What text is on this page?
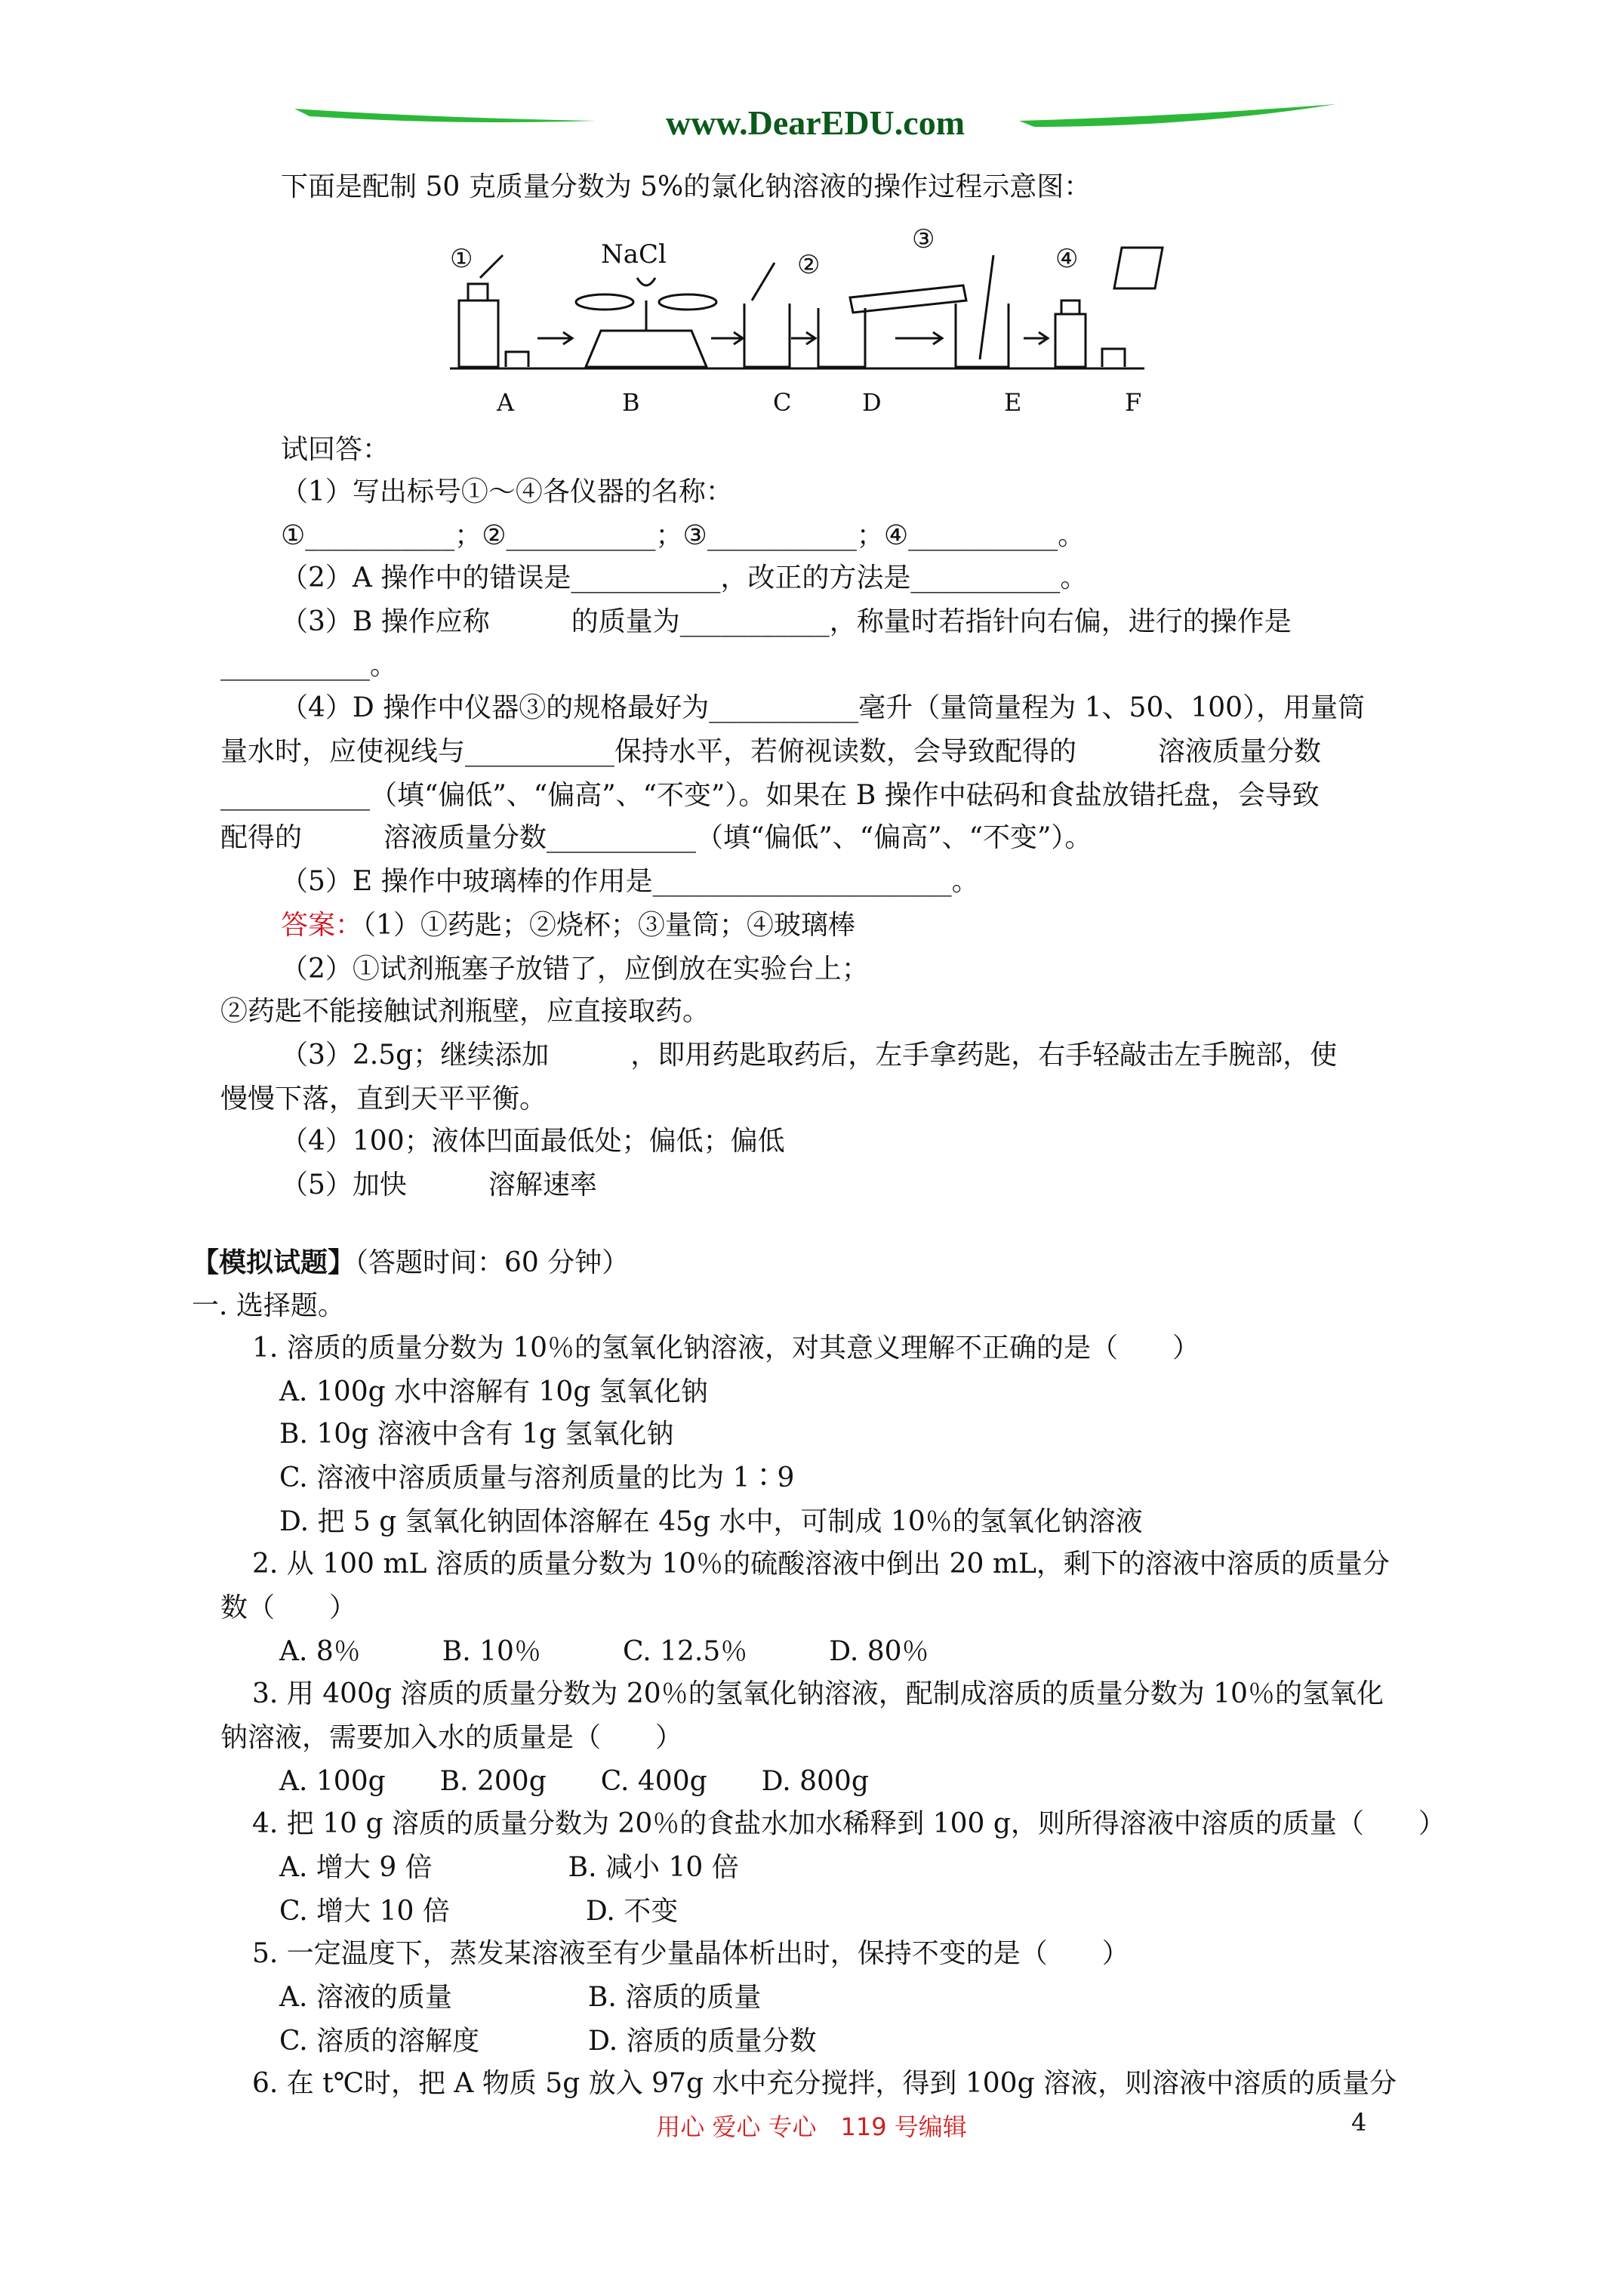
www.DearEDU.com
下面是配制 50 克质量分数为 5%的氯化钠溶液的操作过程示意图：
NaCl
①	②
③
④
A	B	C	D	E	F
试回答：
（1）写出标号①～④各仪器的名称：
①___________；②___________；③___________；④___________。
（2）A 操作中的错误是___________，改正的方法是___________。
（3）B 操作应称　　　的质量为___________，称量时若指针向右偏，进行的操作是
___________。
（4）D 操作中仪器③的规格最好为___________毫升（量筒量程为 1、50、100），用量筒
量水时，应使视线与___________保持水平，若俯视读数，会导致配得的　　　溶液质量分数
___________（填“偏低”、“偏高”、“不变”）。如果在 B 操作中砝码和食盐放错托盘，会导致
配得的　　　溶液质量分数___________（填“偏低”、“偏高”、“不变”）。
（5）E 操作中玻璃棒的作用是______________________。
答案：（1）①药匙；②烧杯；③量筒；④玻璃棒
（2）①试剂瓶塞子放错了，应倒放在实验台上；
②药匙不能接触试剂瓶壁，应直接取药。
（3）2.5g；继续添加　　　，即用药匙取药后，左手拿药匙，右手轻敲击左手腕部，使
慢慢下落，直到天平平衡。
（4）100；液体凹面最低处；偏低；偏低
（5）加快　　　溶解速率
【模拟试题】（答题时间：60 分钟）
一. 选择题。
1. 溶质的质量分数为 10％的氢氧化钠溶液，对其意义理解不正确的是（　　）
A. 100g 水中溶解有 10g 氢氧化钠
B. 10g 溶液中含有 1g 氢氧化钠
C. 溶液中溶质质量与溶剂质量的比为 1∶9
D. 把 5 g 氢氧化钠固体溶解在 45g 水中，可制成 10％的氢氧化钠溶液
2. 从 100 mL 溶质的质量分数为 10％的硫酸溶液中倒出 20 mL，剩下的溶液中溶质的质量分
数（　　）
A. 8％　　　B. 10％　　　C. 12.5％　　　D. 80％
3. 用 400g 溶质的质量分数为 20％的氢氧化钠溶液，配制成溶质的质量分数为 10％的氢氧化
钠溶液，需要加入水的质量是（　　）
A. 100g　　B. 200g　　C. 400g　　D. 800g
4. 把 10 g 溶质的质量分数为 20％的食盐水加水稀释到 100 g，则所得溶液中溶质的质量（　　）
A. 增大 9 倍　　　　　B. 减小 10 倍
C. 增大 10 倍　　　　　D. 不变
5. 一定温度下，蒸发某溶液至有少量晶体析出时，保持不变的是（　　）
A. 溶液的质量　　　　　B. 溶质的质量
C. 溶质的溶解度　　　　D. 溶质的质量分数
6. 在 t℃时，把 A 物质 5g 放入 97g 水中充分搅拌，得到 100g 溶液，则溶液中溶质的质量分
用心 爱心 专心　119 号编辑	4
